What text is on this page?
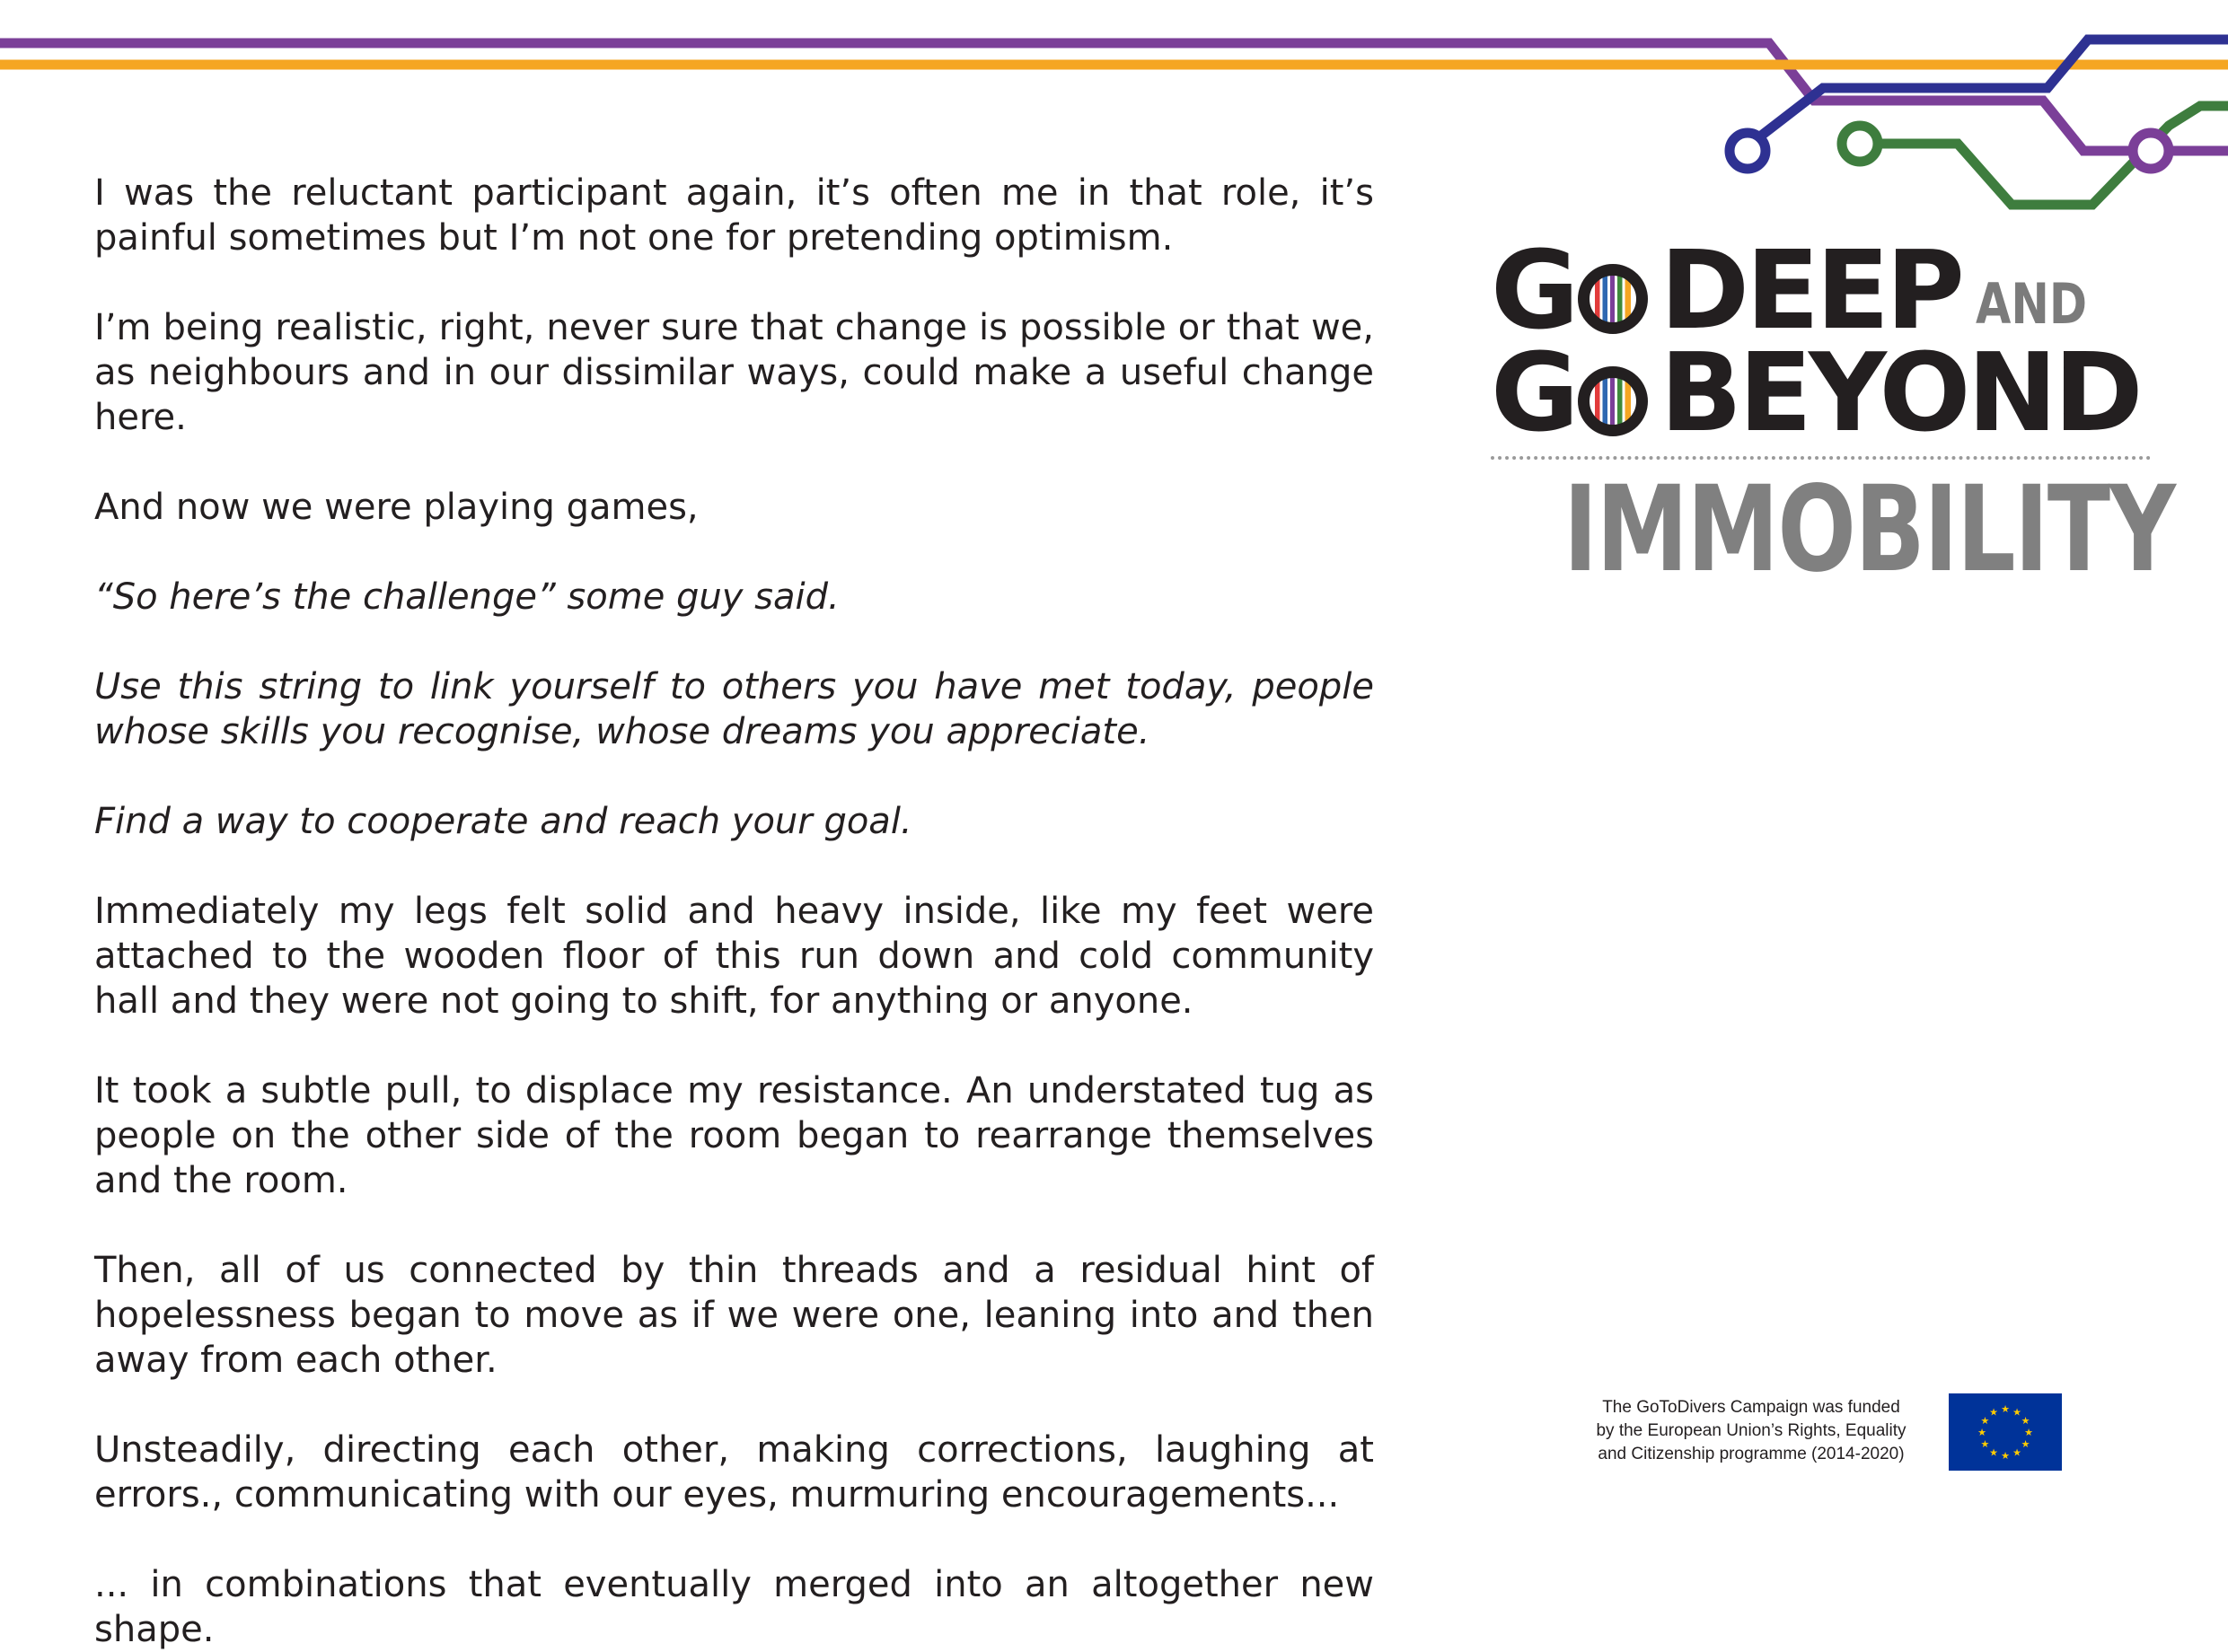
I was the reluctant participant again, it’s often me in that role, it’s painful sometimes but I’m not one for pretending optimism.

I’m being realistic, right, never sure that change is possible or that we, as neighbours and in our dissimilar ways, could make a useful change here.

And now we were playing games,

“So here’s the challenge” some guy said.

Use this string to link yourself to others you have met today, people whose skills you recognise, whose dreams you appreciate.

Find a way to cooperate and reach your goal.

Immediately my legs felt solid and heavy inside, like my feet were attached to the wooden floor of this run down and cold community hall and they were not going to shift, for anything or anyone.

It took a subtle pull, to displace my resistance. An understated tug as people on the other side of the room began to rearrange themselves and the room.

Then, all of us connected by thin threads and a residual hint of hopelessness began to move as if we were one, leaning into and then away from each other.

Unsteadily, directing each other, making corrections, laughing at errors., communicating with our eyes, murmuring encouragements...

... in combinations that eventually merged into an altogether new shape.

G DEEP AND
G BEYOND
IMMOBILITY
The GoToDivers Campaign was funded
by the European Union’s Rights, Equality
and Citizenship programme (2014-2020)
★ ★
★
★
★
★
★
★
★
★
★
★
